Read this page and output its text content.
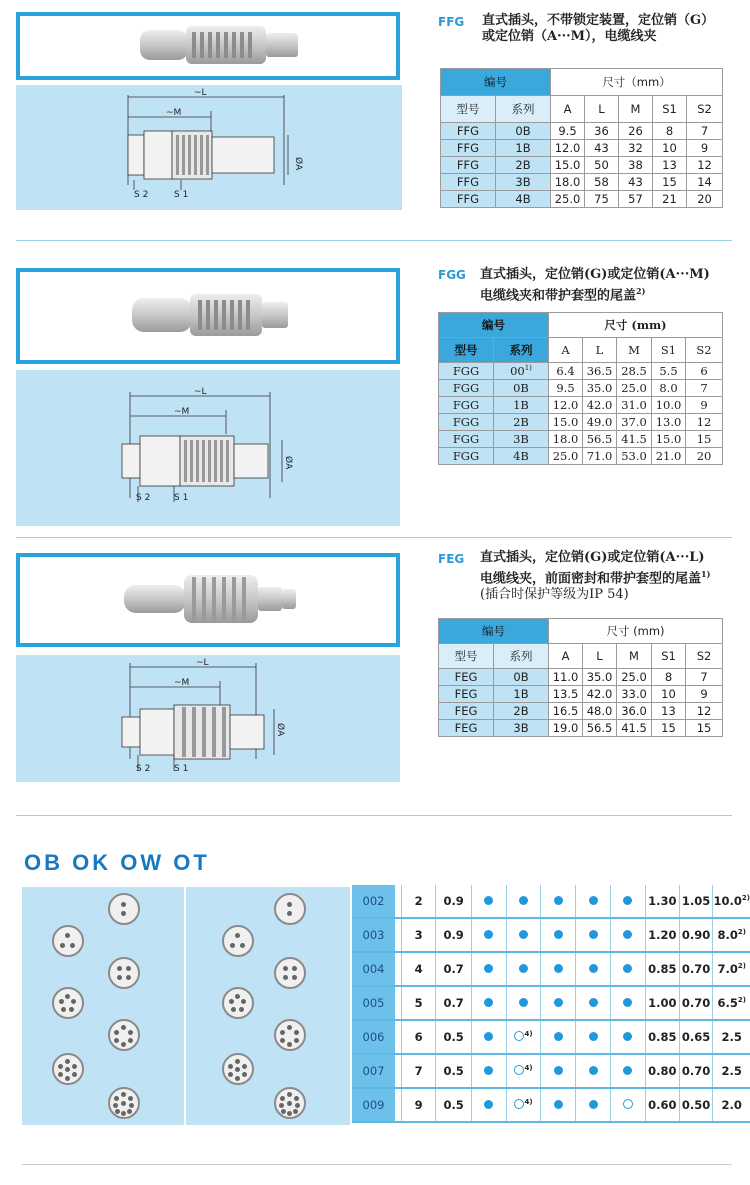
~L
~M
ØA
S 2	S 1
FFG 直式插头，不带锁定装置，定位销（G）
或定位销（A···M），电缆线夹
编号		尺寸（mm）				
型号	系列	A	L	M	S1	S2
FFG	0B	9.5	36	26	8	7
FFG	1B	12.0	43	32	10	9
FFG	2B	15.0	50	38	13	12
FFG	3B	18.0	58	43	15	14
FFG	4B	25.0	75	57	21	20
~L
~M
ØA
S 2	S 1
FGG 直式插头，定位销(G)或定位销(A···M)
电缆线夹和带护套型的尾盖$^{2)}$
编号		尺寸 (mm)				
型号	系列	A	L	M	S1	S2
FGG	00$^{1)}$	6.4	36.5	28.5	5.5	6
FGG	0B	9.5	35.0	25.0	8.0	7
FGG	1B	12.0	42.0	31.0	10.0	9
FGG	2B	15.0	49.0	37.0	13.0	12
FGG	3B	18.0	56.5	41.5	15.0	15
FGG	4B	25.0	71.0	53.0	21.0	20
~L
~M
ØA
S 2	S 1
FEG 直式插头，定位销(G)或定位销(A···L)
电缆线夹，前面密封和带护套型的尾盖$^{1)}$
(插合时保护等级为IP 54)
编号		尺寸 (mm)				
型号	系列	A	L	M	S1	S2
FEG	0B	11.0	35.0	25.0	8	7
FEG	1B	13.5	42.0	33.0	10	9
FEG	2B	16.5	48.0	36.0	13	12
FEG	3B	19.0	56.5	41.5	15	15
OB OK OW OT
002		2	0.9						1.30	1.05	10.0$^{2)}$
003		3	0.9						1.20	0.90	8.0$^{2)}$
004		4	0.7						0.85	0.70	7.0$^{2)}$
005		5	0.7						1.00	0.70	6.5$^{2)}$
006		6	0.5		$^{4)}$				0.85	0.65	2.5
007		7	0.5		$^{4)}$				0.80	0.70	2.5
009		9	0.5		$^{4)}$				0.60	0.50	2.0
